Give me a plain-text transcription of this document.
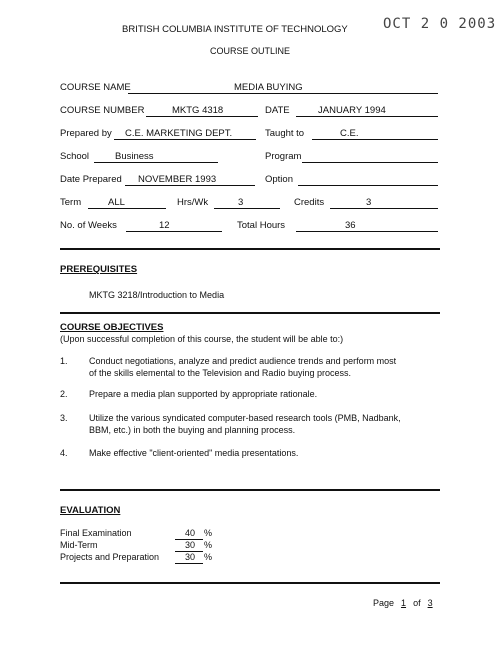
BRITISH COLUMBIA INSTITUTE OF TECHNOLOGY	OCT 2 0 2003
COURSE OUTLINE
COURSE NAME	MEDIA BUYING
COURSE NUMBER	MKTG 4318	DATE	JANUARY 1994
Prepared by C.E. MARKETING DEPT.	Taught to	C.E.
School	Business	Program
Date Prepared NOVEMBER 1993	Option
Term	ALL	Hrs/Wk	3	Credits	3
No. of Weeks	12	Total Hours	36
PREREQUISITES
MKTG 3218/Introduction to Media
COURSE OBJECTIVES
(Upon successful completion of this course, the student will be able to:)
1. Conduct negotiations, analyze and predict audience trends and perform most
of the skills elemental to the Television and Radio buying process.
2. Prepare a media plan supported by appropriate rationale.
3. Utilize the various syndicated computer-based research tools (PMB, Nadbank,
BBM, etc.) in both the buying and planning process.
4. Make effective "client-oriented" media presentations.
EVALUATION
Final Examination	40 %
Mid-Term	30 %
Projects and Preparation	30 %
Page 1 of 3
